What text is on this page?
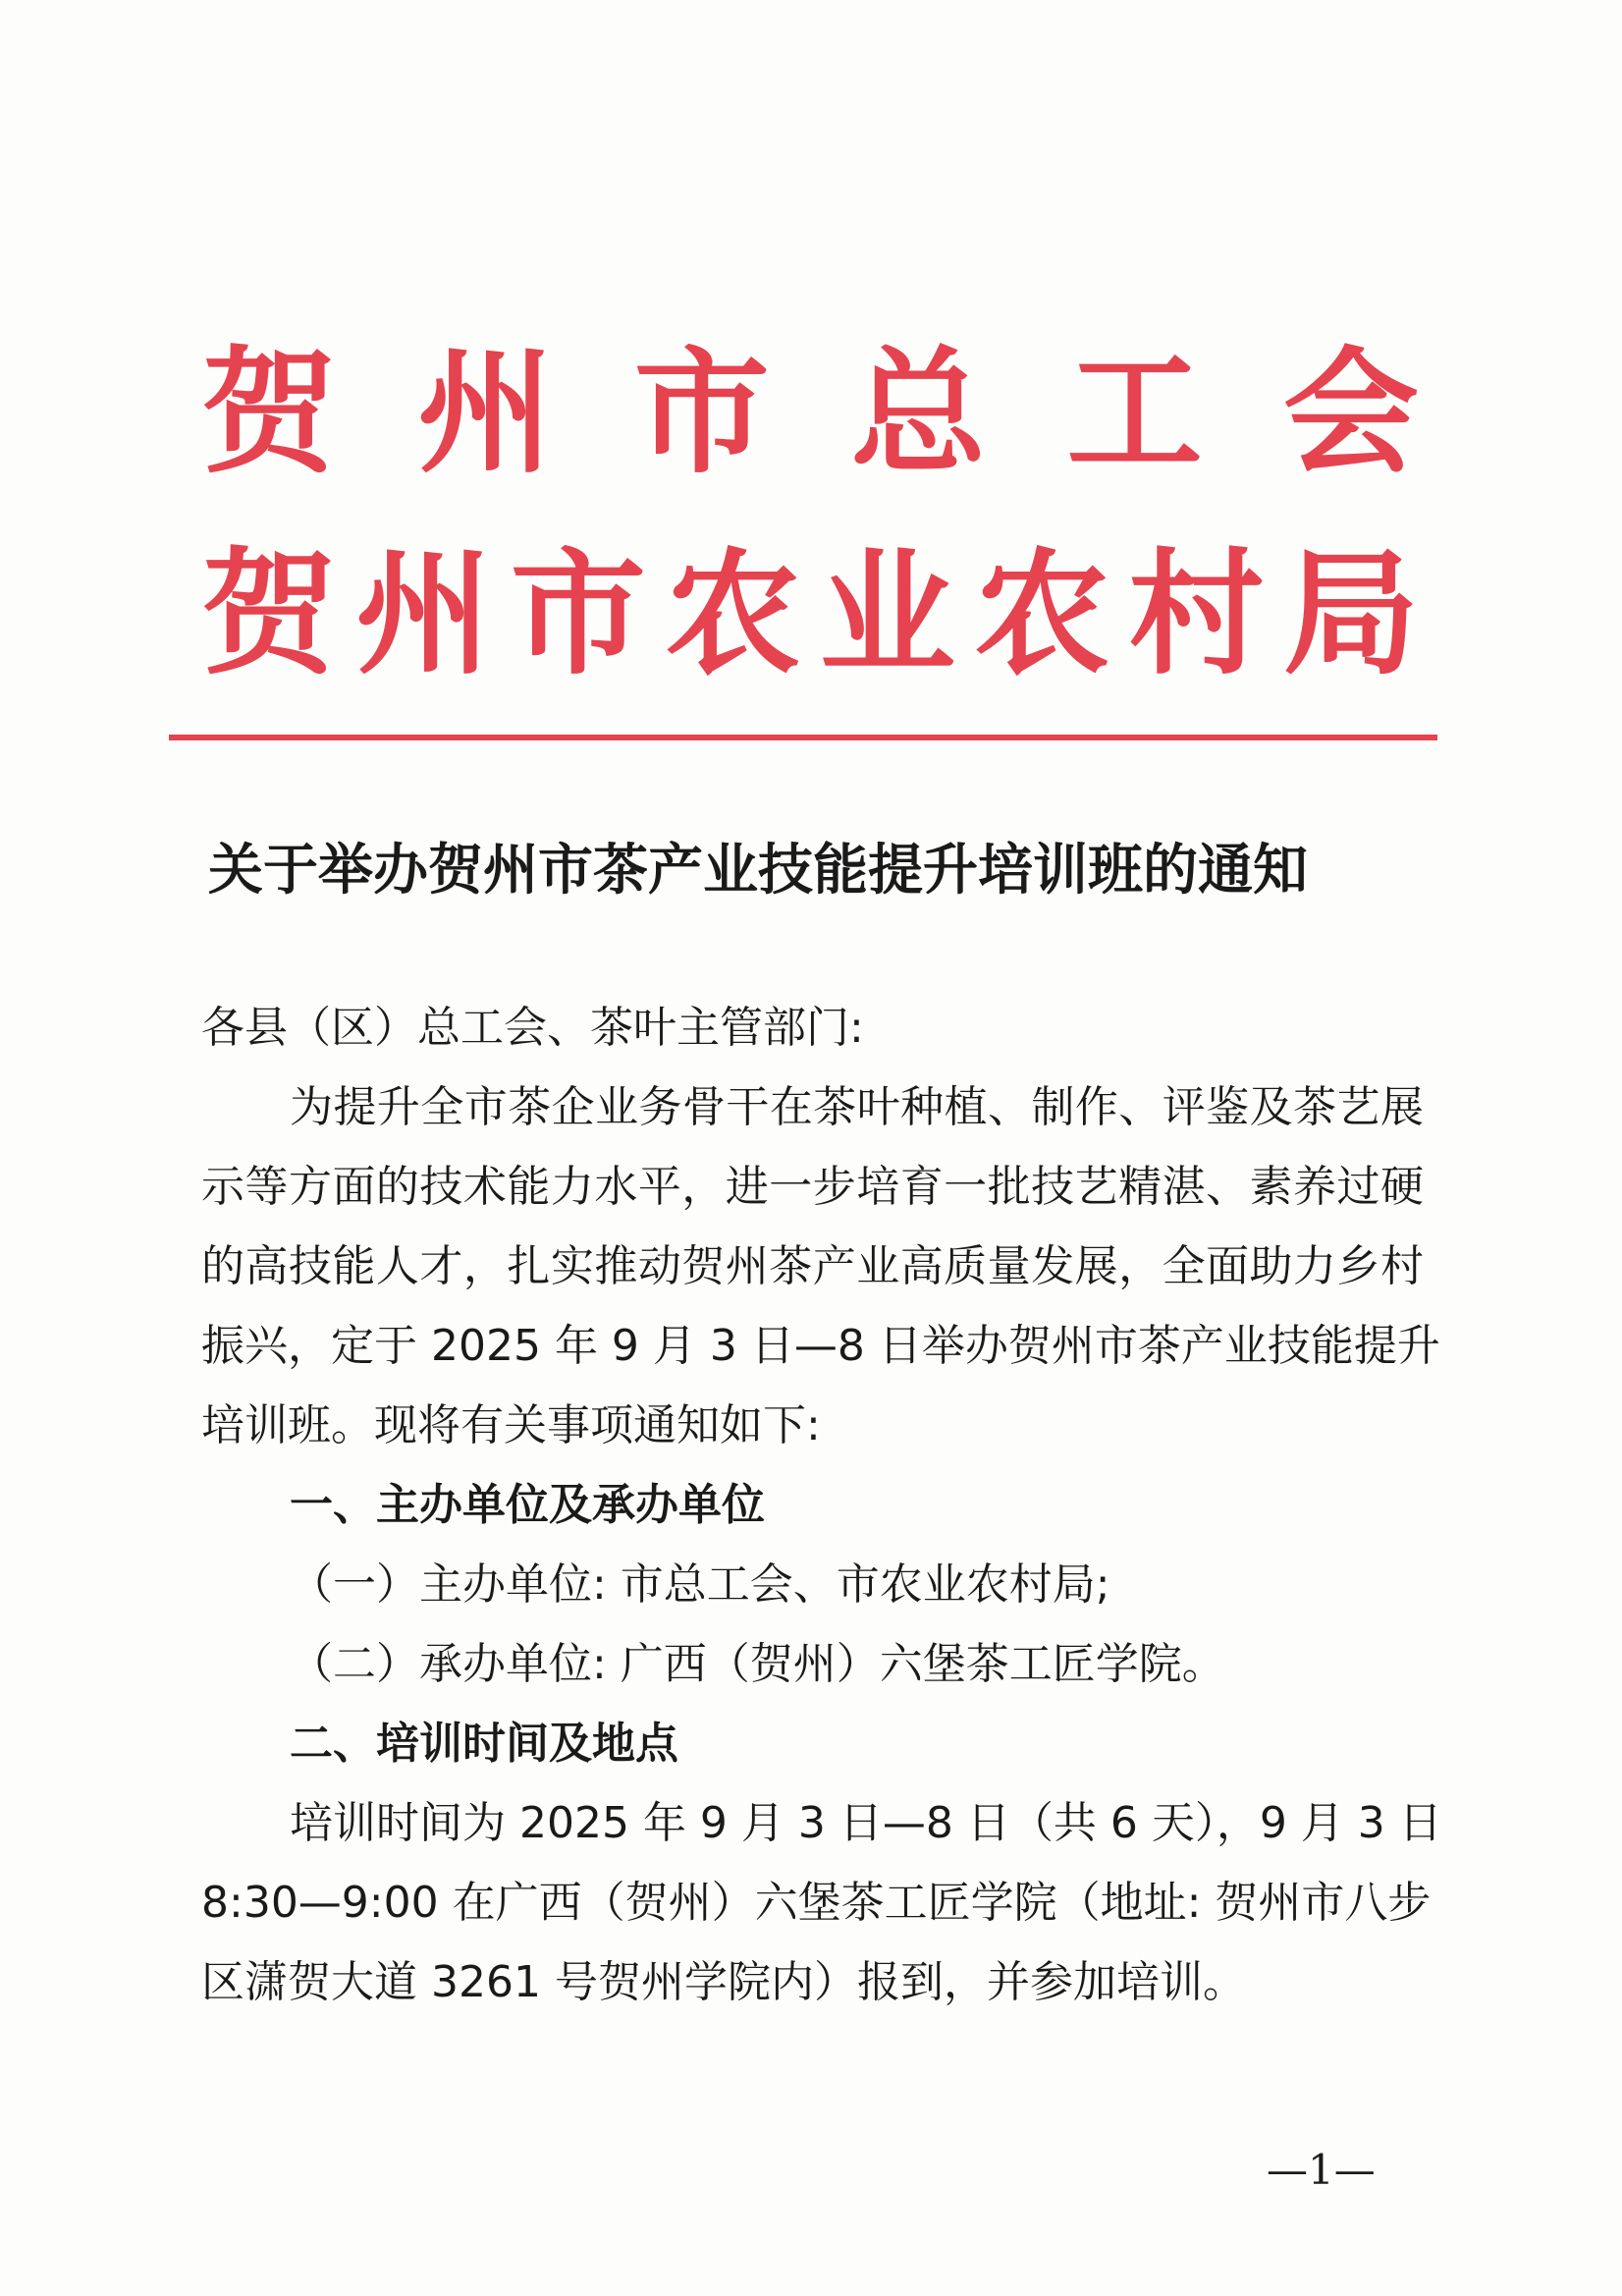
贺州市总工会
贺州市农业农村局
关于举办贺州市茶产业技能提升培训班的通知
各县（区）总工会、茶叶主管部门:
为提升全市茶企业务骨干在茶叶种植、制作、评鉴及茶艺展
示等方面的技术能力水平，进一步培育一批技艺精湛、素养过硬
的高技能人才，扎实推动贺州茶产业高质量发展，全面助力乡村
振兴，定于 2025 年 9 月 3 日—8 日举办贺州市茶产业技能提升
培训班。现将有关事项通知如下:
一、主办单位及承办单位
（一）主办单位: 市总工会、市农业农村局;
（二）承办单位: 广西（贺州）六堡茶工匠学院。
二、培训时间及地点
培训时间为 2025 年 9 月 3 日—8 日（共 6 天），9 月 3 日
8:30—9:00 在广西（贺州）六堡茶工匠学院（地址: 贺州市八步
区潇贺大道 3261 号贺州学院内）报到，并参加培训。
—1—
